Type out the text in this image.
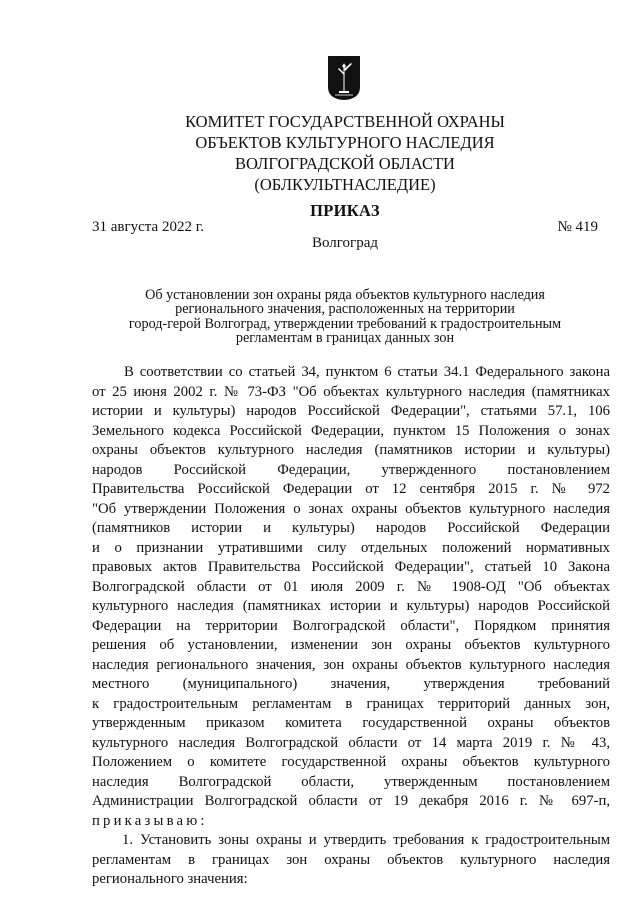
КОМИТЕТ ГОСУДАРСТВЕННОЙ ОХРАНЫ
ОБЪЕКТОВ КУЛЬТУРНОГО НАСЛЕДИЯ
ВОЛГОГРАДСКОЙ ОБЛАСТИ
(ОБЛКУЛЬТНАСЛЕДИЕ)
ПРИКАЗ
31 августа 2022 г.	№ 419
Волгоград
Об установлении зон охраны ряда объектов культурного наследия
регионального значения, расположенных на территории
город-герой Волгоград, утверждении требований к градостроительным
регламентам в границах данных зон
В соответствии со статьей 34, пунктом 6 статьи 34.1 Федерального закона
от 25 июня 2002 г. № 73-ФЗ "Об объектах культурного наследия (памятниках
истории и культуры) народов Российской Федерации", статьями 57.1, 106
Земельного кодекса Российской Федерации, пунктом 15 Положения о зонах
охраны объектов культурного наследия (памятников истории и культуры)
народов Российской Федерации, утвержденного постановлением
Правительства Российской Федерации от 12 сентября 2015 г. № 972
"Об утверждении Положения о зонах охраны объектов культурного наследия
(памятников истории и культуры) народов Российской Федерации
и о признании утратившими силу отдельных положений нормативных
правовых актов Правительства Российской Федерации", статьей 10 Закона
Волгоградской области от 01 июля 2009 г. № 1908-ОД "Об объектах
культурного наследия (памятниках истории и культуры) народов Российской
Федерации на территории Волгоградской области", Порядком принятия
решения об установлении, изменении зон охраны объектов культурного
наследия регионального значения, зон охраны объектов культурного наследия
местного (муниципального) значения, утверждения требований
к градостроительным регламентам в границах территорий данных зон,
утвержденным приказом комитета государственной охраны объектов
культурного наследия Волгоградской области от 14 марта 2019 г. № 43,
Положением о комитете государственной охраны объектов культурного
наследия Волгоградской области, утвержденным постановлением
Администрации Волгоградской области от 19 декабря 2016 г. № 697-п,
приказываю:
1. Установить зоны охраны и утвердить требования к градостроительным
регламентам в границах зон охраны объектов культурного наследия
регионального значения:
